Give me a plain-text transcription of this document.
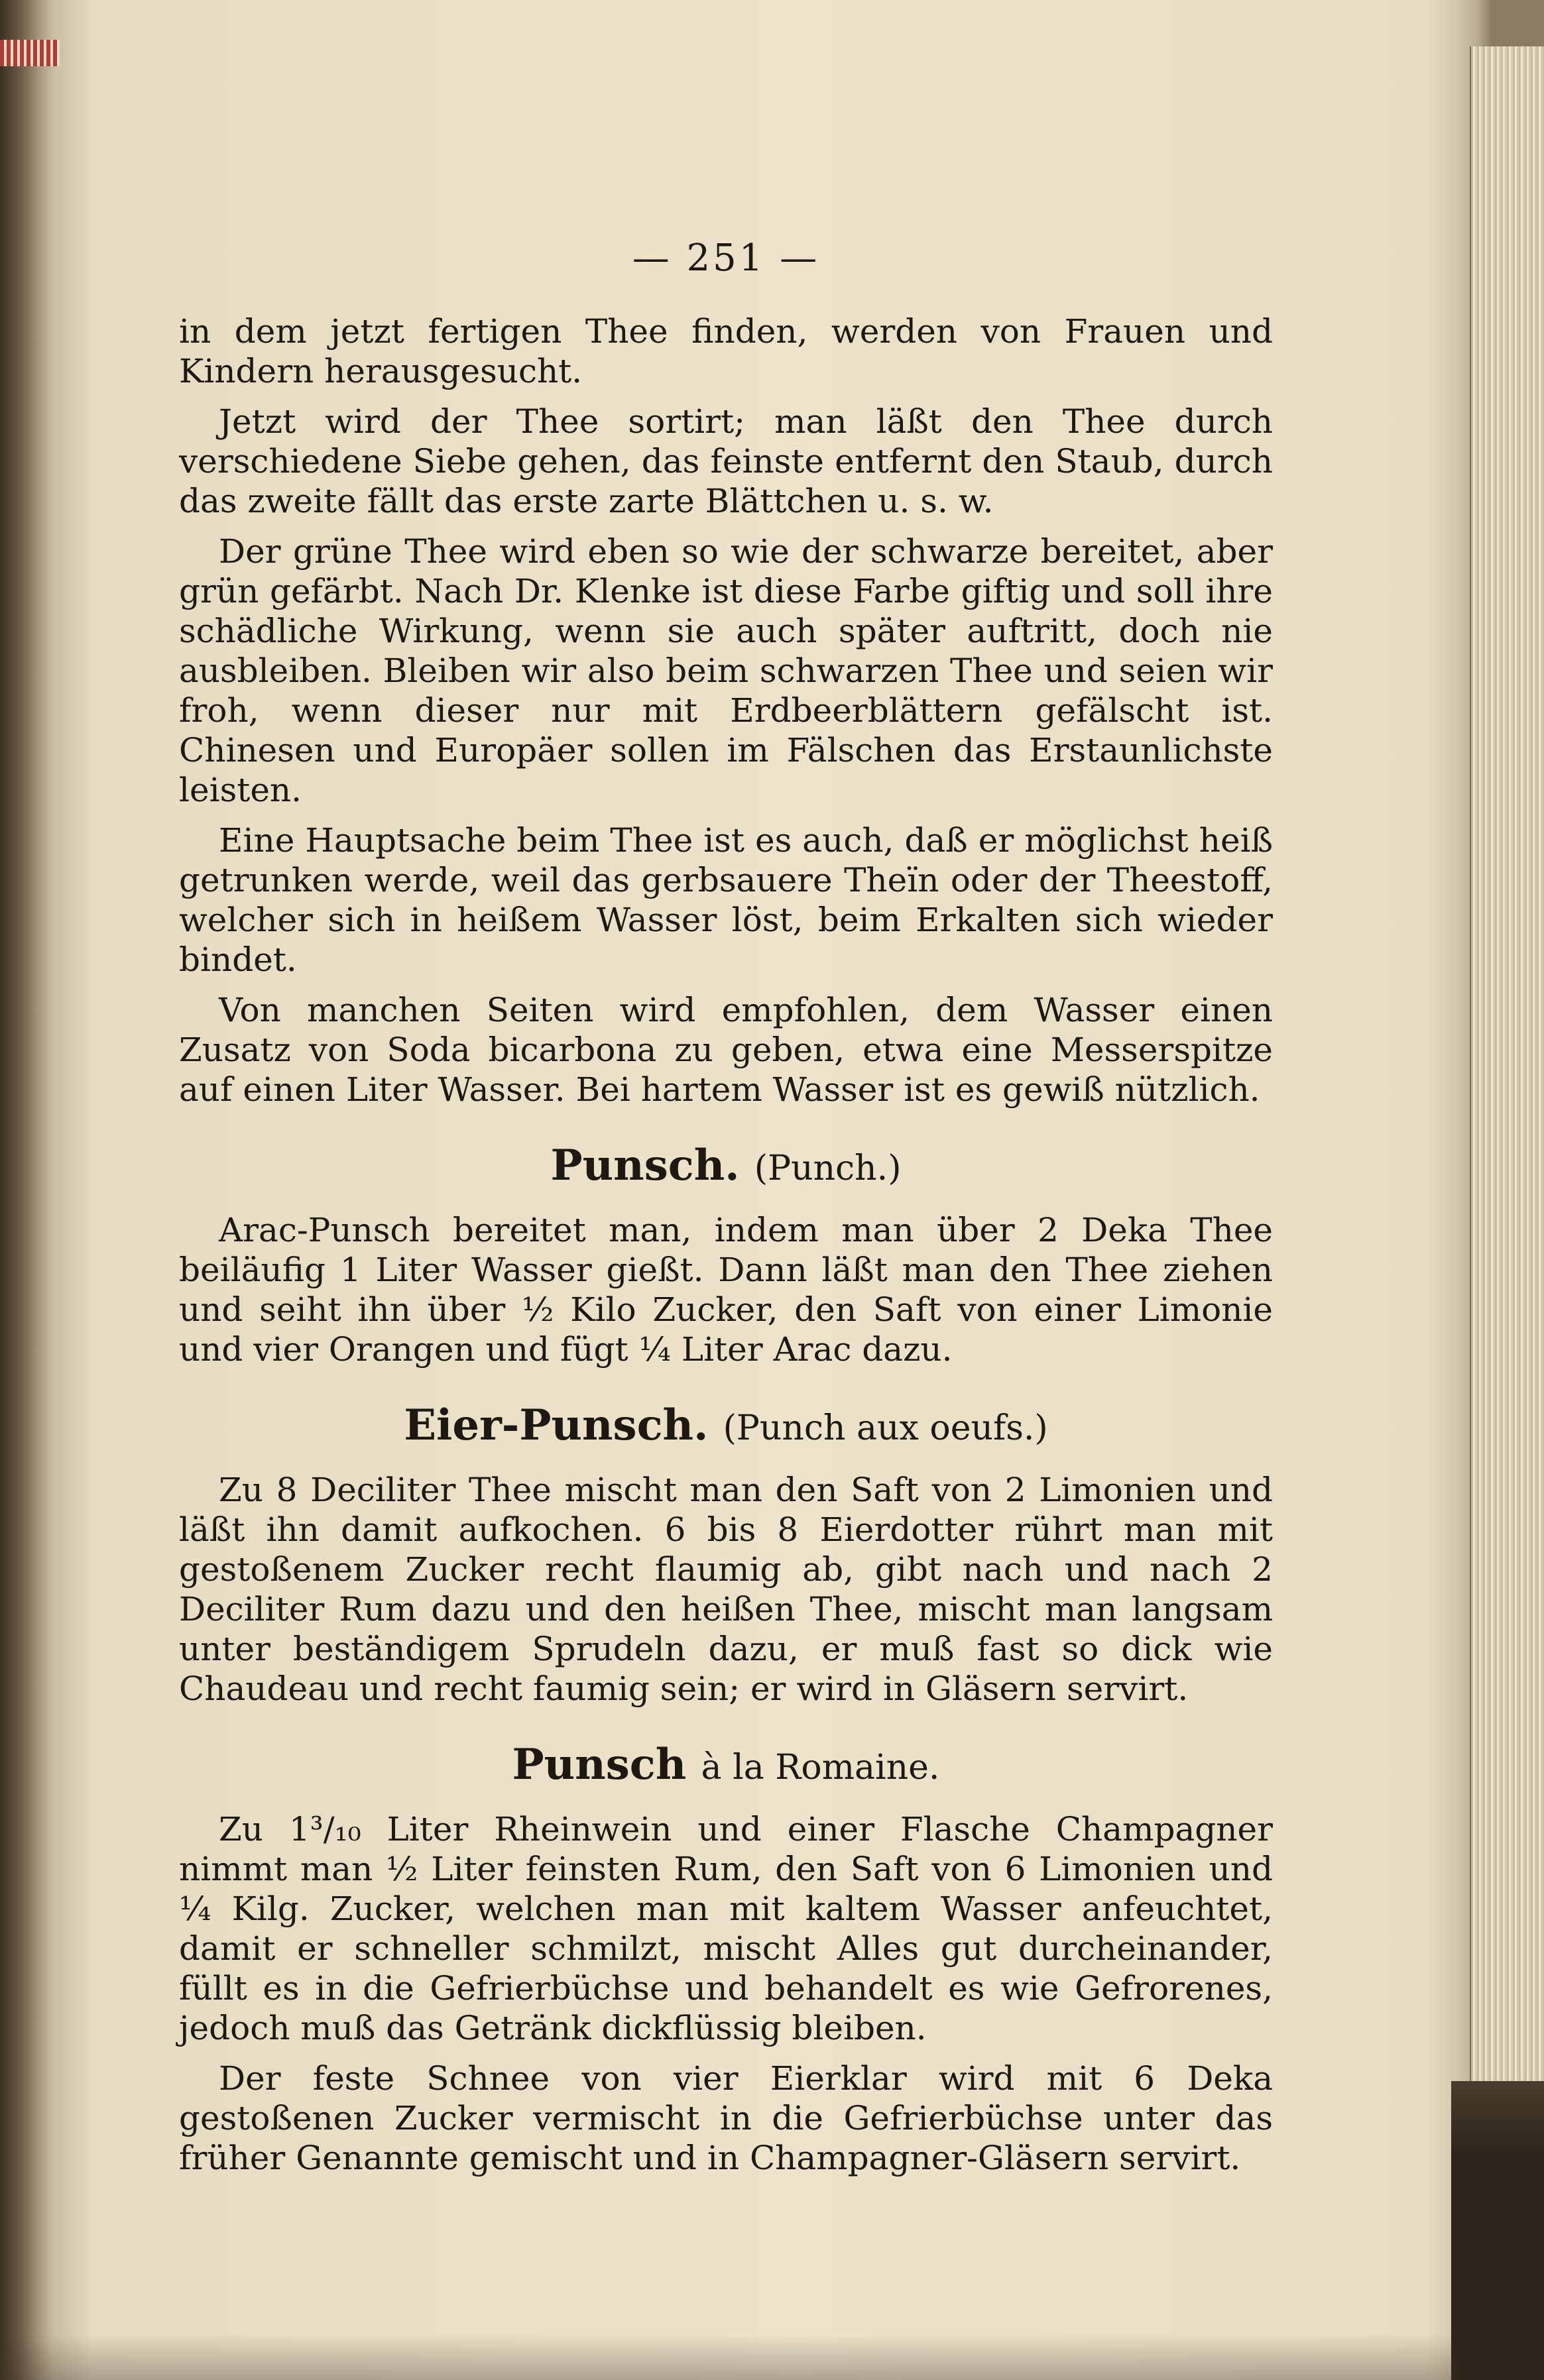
— 251 —

in dem jetzt fertigen Thee finden, werden von Frauen und Kindern herausgesucht.

Jetzt wird der Thee sortirt; man läßt den Thee durch verschiedene Siebe gehen, das feinste entfernt den Staub, durch das zweite fällt das erste zarte Blättchen u. s. w.

Der grüne Thee wird eben so wie der schwarze bereitet, aber grün gefärbt. Nach Dr. Klenke ist diese Farbe giftig und soll ihre schädliche Wirkung, wenn sie auch später auftritt, doch nie ausbleiben. Bleiben wir also beim schwarzen Thee und seien wir froh, wenn dieser nur mit Erdbeerblättern gefälscht ist. Chinesen und Europäer sollen im Fälschen das Erstaunlichste leisten.

Eine Hauptsache beim Thee ist es auch, daß er möglichst heiß getrunken werde, weil das gerbsauere Theïn oder der Theestoff, welcher sich in heißem Wasser löst, beim Erkalten sich wieder bindet.

Von manchen Seiten wird empfohlen, dem Wasser einen Zusatz von Soda bicarbona zu geben, etwa eine Messerspitze auf einen Liter Wasser. Bei hartem Wasser ist es gewiß nützlich.

Punsch. (Punch.)

Arac-Punsch bereitet man, indem man über 2 Deka Thee beiläufig 1 Liter Wasser gießt. Dann läßt man den Thee ziehen und seiht ihn über ½ Kilo Zucker, den Saft von einer Limonie und vier Orangen und fügt ¼ Liter Arac dazu.

Eier-Punsch. (Punch aux oeufs.)

Zu 8 Deciliter Thee mischt man den Saft von 2 Limonien und läßt ihn damit aufkochen. 6 bis 8 Eierdotter rührt man mit gestoßenem Zucker recht flaumig ab, gibt nach und nach 2 Deciliter Rum dazu und den heißen Thee, mischt man langsam unter beständigem Sprudeln dazu, er muß fast so dick wie Chaudeau und recht faumig sein; er wird in Gläsern servirt.

Punsch à la Romaine.

Zu 1³/₁₀ Liter Rheinwein und einer Flasche Champagner nimmt man ½ Liter feinsten Rum, den Saft von 6 Limonien und ¼ Kilg. Zucker, welchen man mit kaltem Wasser anfeuchtet, damit er schneller schmilzt, mischt Alles gut durcheinander, füllt es in die Gefrierbüchse und behandelt es wie Gefrorenes, jedoch muß das Getränk dickflüssig bleiben.

Der feste Schnee von vier Eierklar wird mit 6 Deka gestoßenen Zucker vermischt in die Gefrierbüchse unter das früher Genannte gemischt und in Champagner-Gläsern servirt.
